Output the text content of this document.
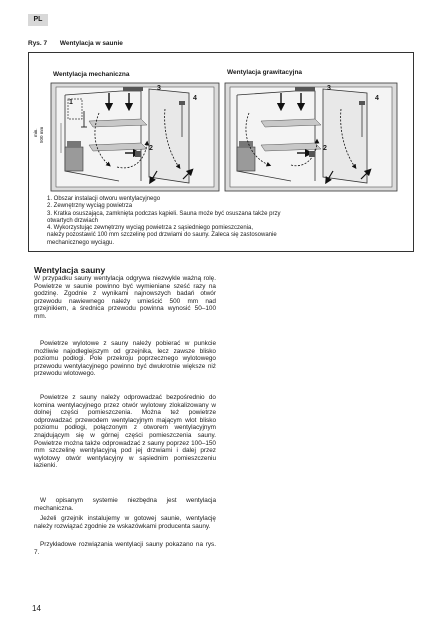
PL
Rys. 7 Wentylacja w saunie
Wentylacja mechaniczna	Wentylacja grawitacyjna
1
3
4
2
3
4
2
min. 500 mm
1. Obszar instalacji otworu wentylacyjnego
2. Zewnętrzny wyciąg powietrza
3. Kratka osuszająca, zamknięta podczas kąpieli. Sauna może być osuszana także przy
otwartych drzwiach
4. Wykorzystując zewnętrzny wyciąg powietrza z sąsiedniego pomieszczenia,
należy pozostawić 100 mm szczelinę pod drzwiami do sauny. Zaleca się zastosowanie
mechanicznego wyciągu.
Wentylacja sauny

W przypadku sauny wentylacja odgrywa niezwykle ważną rolę. Powietrze w saunie powinno być wymieniane sześć razy na godzinę. Zgodnie z wynikami najnowszych badań otwór przewodu nawiewnego należy umieścić 500 mm nad grzejnikiem, a średnica przewodu powinna wynosić 50–100 mm.

Powietrze wylotowe z sauny należy pobierać w punkcie możliwie najodleglejszym od grzejnika, lecz zawsze blisko poziomu podłogi. Pole przekroju poprzecznego wylotowego przewodu wentylacyjnego powinno być dwukrotnie większe niż przewodu wlotowego.

Powietrze z sauny należy odprowadzać bezpośrednio do komina wentylacyjnego przez otwór wylotowy zlokalizowany w dolnej części pomieszczenia. Można też powietrze odprowadzać przewodem wentylacyjnym mającym wlot blisko poziomu podłogi, połączonym z otworem wentylacyjnym znajdującym się w górnej części pomieszczenia sauny. Powietrze można także odprowadzać z sauny poprzez 100–150 mm szczelinę wentylacyjną pod jej drzwiami i dalej przez wylotowy otwór wentylacyjny w sąsiednim pomieszczeniu łazienki.

W opisanym systemie niezbędna jest wentylacja mechaniczna.

Jeżeli grzejnik instalujemy w gotowej saunie, wentylację należy rozwiązać zgodnie ze wskazówkami producenta sauny.

Przykładowe rozwiązania wentylacji sauny pokazano na rys. 7.

14
